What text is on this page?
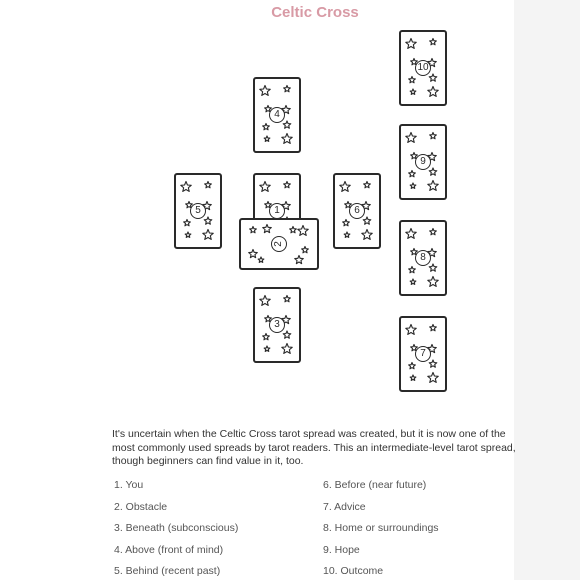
Celtic Cross
4
5	1	6
3
10
9
8
7
2
It's uncertain when the Celtic Cross tarot spread was created, but it is now one of the
most commonly used spreads by tarot readers. This an intermediate-level tarot spread,
though beginners can find value in it, too.
1. You
2. Obstacle
3. Beneath (subconscious)
4. Above (front of mind)
5. Behind (recent past)
6. Before (near future)
7. Advice
8. Home or surroundings
9. Hope
10. Outcome
